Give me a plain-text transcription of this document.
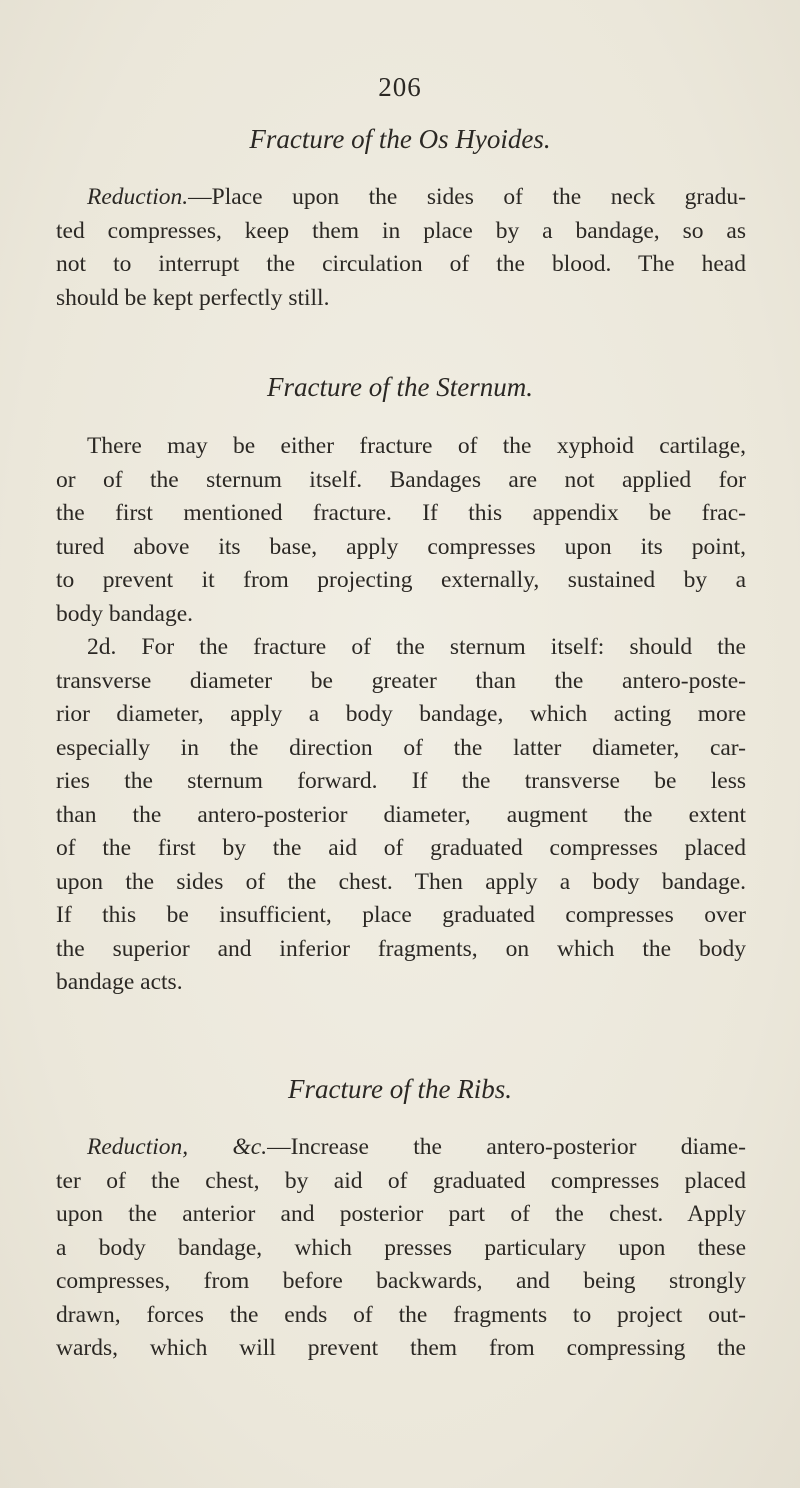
206
Fracture of the Os Hyoides.
Reduction.—Place upon the sides of the neck gradu-
ted compresses, keep them in place by a bandage, so as
not to interrupt the circulation of the blood. The head
should be kept perfectly still.
Fracture of the Sternum.
There may be either fracture of the xyphoid cartilage,
or of the sternum itself. Bandages are not applied for
the first mentioned fracture. If this appendix be frac-
tured above its base, apply compresses upon its point,
to prevent it from projecting externally, sustained by a
body bandage.
2d. For the fracture of the sternum itself: should the
transverse diameter be greater than the antero-poste-
rior diameter, apply a body bandage, which acting more
especially in the direction of the latter diameter, car-
ries the sternum forward. If the transverse be less
than the antero-posterior diameter, augment the extent
of the first by the aid of graduated compresses placed
upon the sides of the chest. Then apply a body bandage.
If this be insufficient, place graduated compresses over
the superior and inferior fragments, on which the body
bandage acts.
Fracture of the Ribs.
Reduction, &c.—Increase the antero-posterior diame-
ter of the chest, by aid of graduated compresses placed
upon the anterior and posterior part of the chest. Apply
a body bandage, which presses particulary upon these
compresses, from before backwards, and being strongly
drawn, forces the ends of the fragments to project out-
wards, which will prevent them from compressing the
